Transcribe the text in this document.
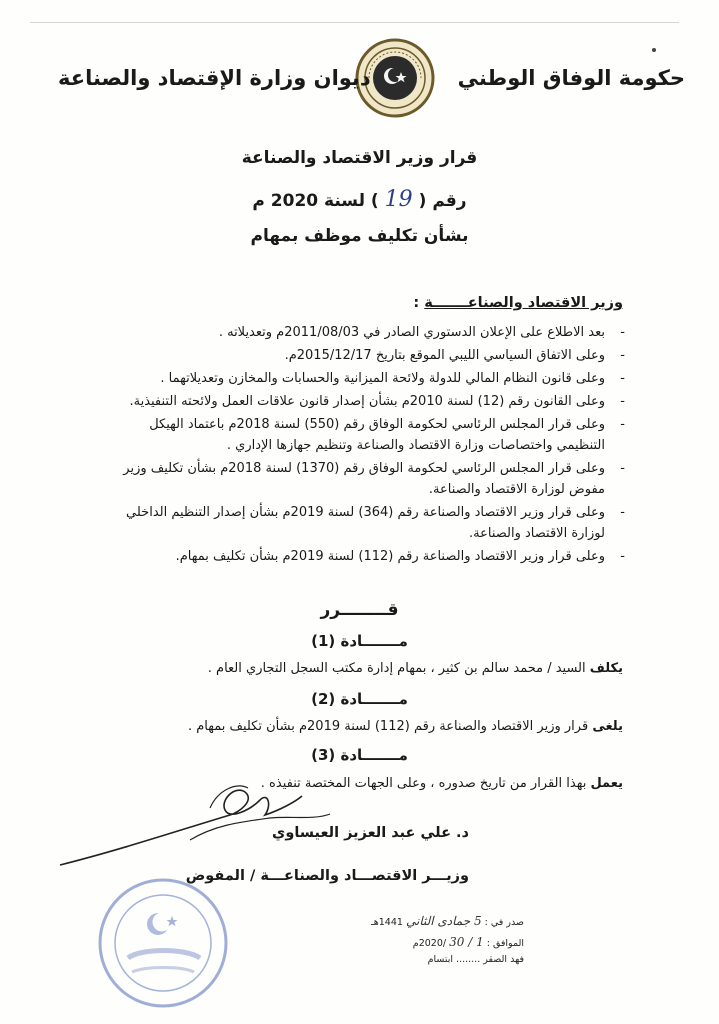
حكومة الوفاق الوطني
ديوان وزارة الإقتصاد والصناعة
قرار وزير الاقتصاد والصناعة
رقم (19) لسنة 2020 م
بشأن تكليف موظف بمهام
وزير الاقتصاد والصناعـــــــة :
- بعد الاطلاع على الإعلان الدستوري الصادر في 2011/08/03م وتعديلاته .
- وعلى الاتفاق السياسي الليبي الموقع بتاريخ 2015/12/17م.
- وعلى قانون النظام المالي للدولة ولائحة الميزانية والحسابات والمخازن وتعديلاتهما .
- وعلى القانون رقم (12) لسنة 2010م بشأن إصدار قانون علاقات العمل ولائحته التنفيذية.
- وعلى قرار المجلس الرئاسي لحكومة الوفاق رقم (550) لسنة 2018م باعتماد الهيكل التنظيمي واختصاصات وزارة الاقتصاد والصناعة وتنظيم جهازها الإداري .
- وعلى قرار المجلس الرئاسي لحكومة الوفاق رقم (1370) لسنة 2018م بشأن تكليف وزير مفوض لوزارة الاقتصاد والصناعة.
- وعلى قرار وزير الاقتصاد والصناعة رقم (364) لسنة 2019م بشأن إصدار التنظيم الداخلي لوزارة الاقتصاد والصناعة.
- وعلى قرار وزير الاقتصاد والصناعة رقم (112) لسنة 2019م بشأن تكليف بمهام.
قــــــــرر
مـــــــادة (1)
يكلف السيد / محمد سالم بن كثير ، بمهام إدارة مكتب السجل التجاري العام .
مـــــــادة (2)
يلغى قرار وزير الاقتصاد والصناعة رقم (112) لسنة 2019م بشأن تكليف بمهام .
مـــــــادة (3)
يعمل بهذا القرار من تاريخ صدوره ، وعلى الجهات المختصة تنفيذه .
د. علي عبد العزيز العيساوي
وزيـــر الاقتصـــاد والصناعـــة / المفوض
صدر في : 5 جمادى الثاني 1441هـ
الموافق : 1 / 30 /2020م
فهد الصقر ........ ابتسام
